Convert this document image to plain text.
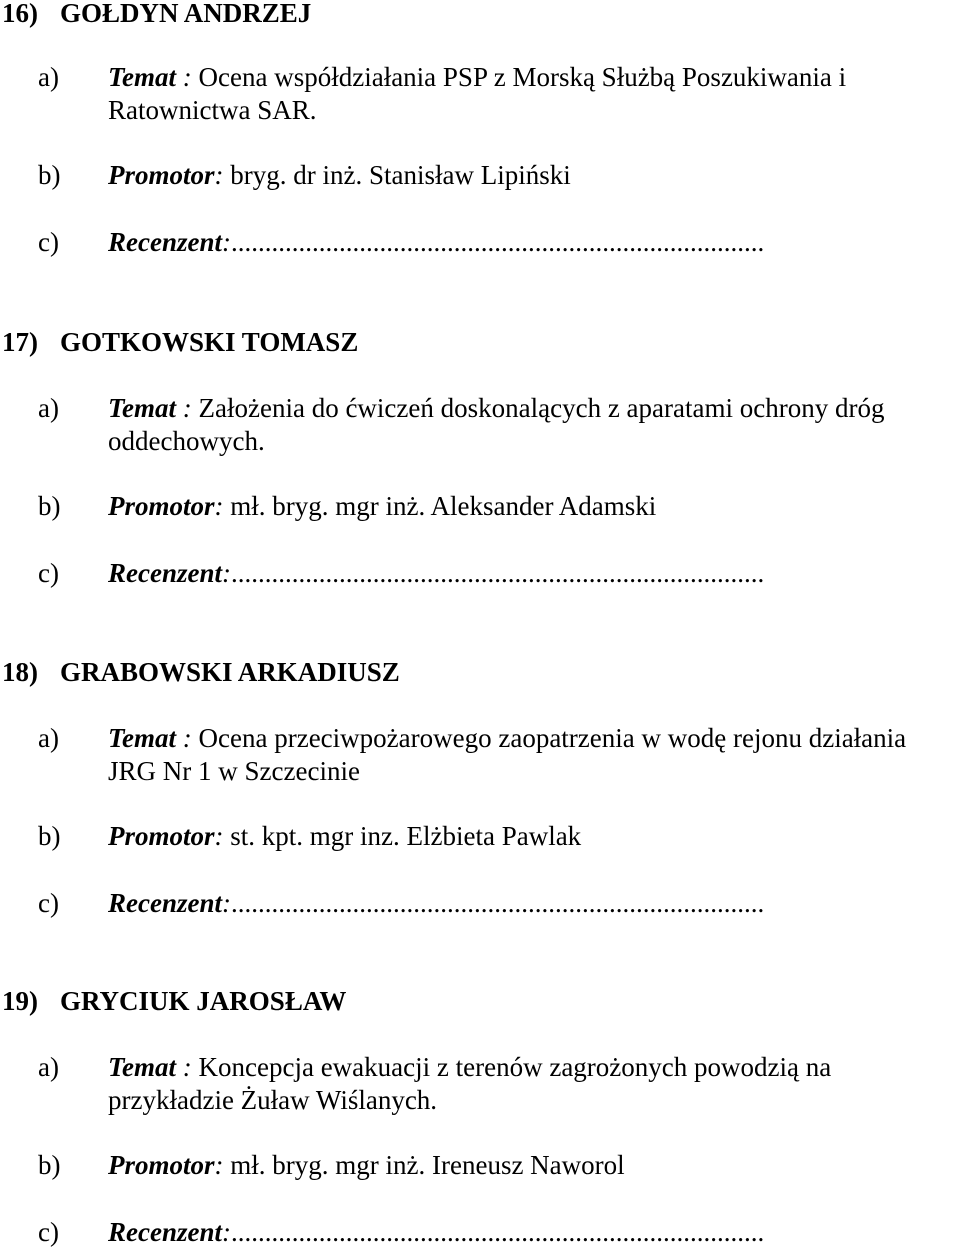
16) GOŁDYN ANDRZEJ
a) Temat : Ocena współdziałania PSP z Morską Służbą Poszukiwania i Ratownictwa SAR.
b) Promotor: bryg. dr inż. Stanisław Lipiński
c) Recenzent:...............................................................................
17) GOTKOWSKI TOMASZ
a) Temat : Założenia do ćwiczeń doskonalących z aparatami ochrony dróg oddechowych.
b) Promotor: mł. bryg. mgr inż. Aleksander Adamski
c) Recenzent:...............................................................................
18) GRABOWSKI ARKADIUSZ
a) Temat : Ocena przeciwpożarowego zaopatrzenia w wodę rejonu działania JRG Nr 1 w Szczecinie
b) Promotor: st. kpt. mgr inz. Elżbieta Pawlak
c) Recenzent:...............................................................................
19) GRYCIUK JAROSŁAW
a) Temat : Koncepcja ewakuacji z terenów zagrożonych powodzią na przykładzie Żuław Wiślanych.
b) Promotor: mł. bryg. mgr inż. Ireneusz Naworol
c) Recenzent:...............................................................................
